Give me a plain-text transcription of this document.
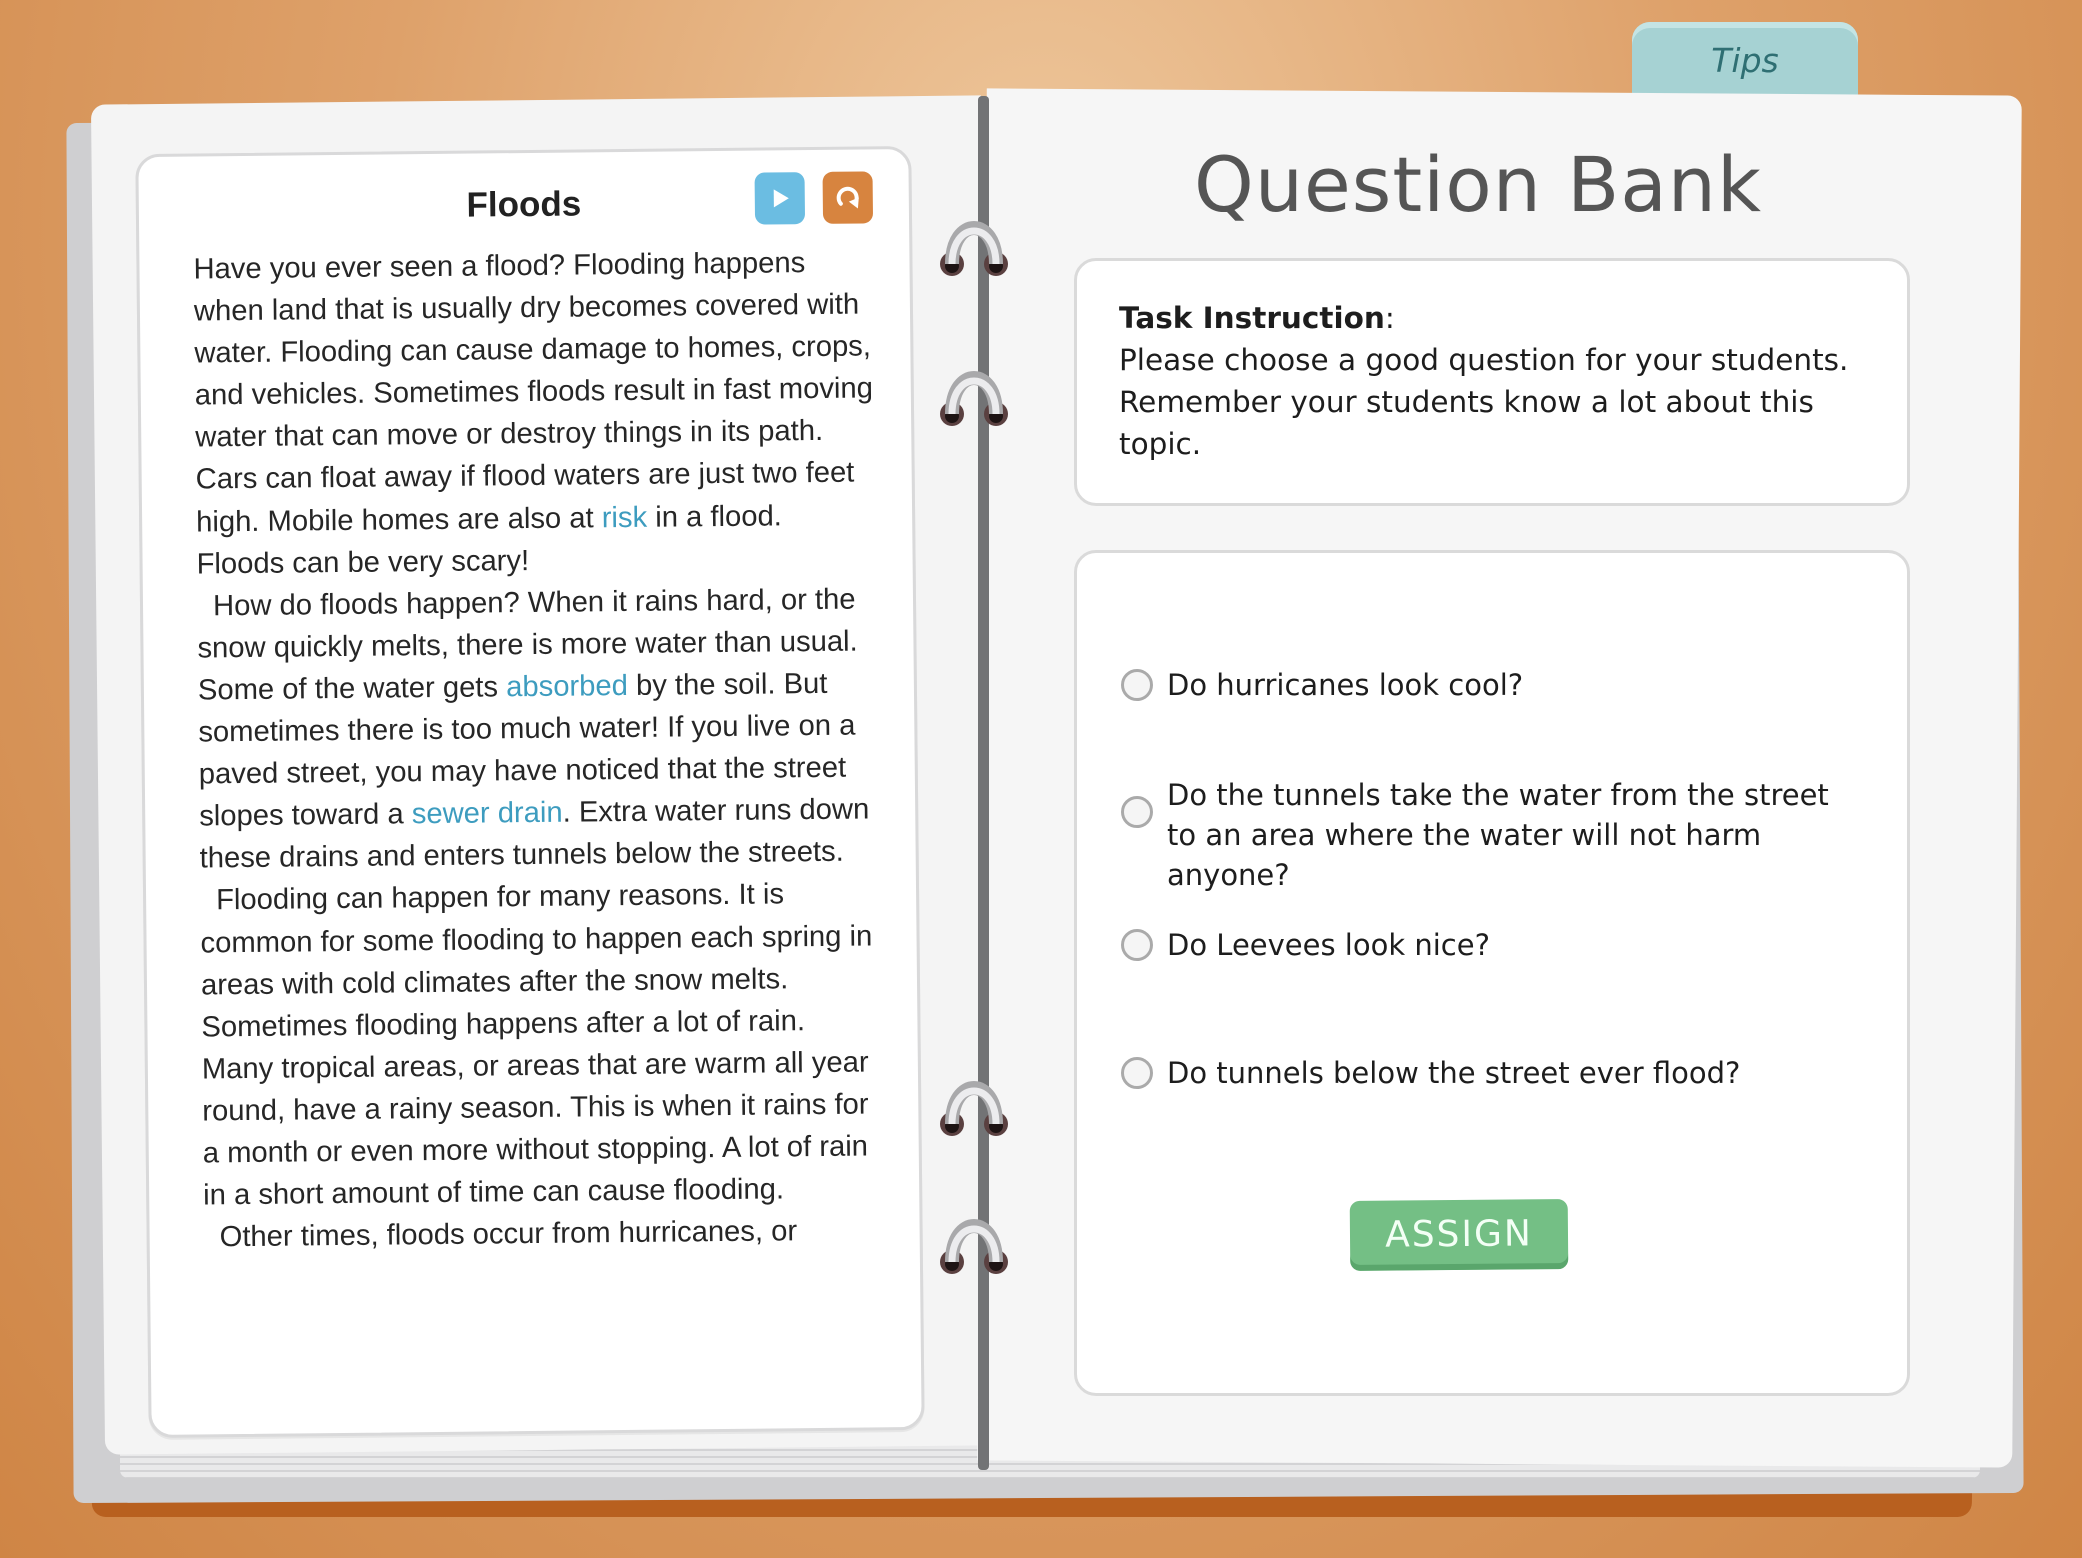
Tips
Floods

Have you ever seen a flood? Flooding happens when land that is usually dry becomes covered with water. Flooding can cause damage to homes, crops, and vehicles. Sometimes floods result in fast moving water that can move or destroy things in its path. Cars can float away if flood waters are just two feet high. Mobile homes are also at risk in a flood. Floods can be very scary!

How do floods happen? When it rains hard, or the snow quickly melts, there is more water than usual. Some of the water gets absorbed by the soil. But sometimes there is too much water! If you live on a paved street, you may have noticed that the street slopes toward a sewer drain. Extra water runs down these drains and enters tunnels below the streets.

Flooding can happen for many reasons. It is common for some flooding to happen each spring in areas with cold climates after the snow melts. Sometimes flooding happens after a lot of rain. Many tropical areas, or areas that are warm all year round, have a rainy season. This is when it rains for a month or even more without stopping. A lot of rain in a short amount of time can cause flooding.

Other times, floods occur from hurricanes, or

Question Bank
Task Instruction:
Please choose a good question for your students. Remember your students know a lot about this topic.
Do hurricanes look cool?
Do the tunnels take the water from the street to an area where the water will not harm anyone?
Do Leevees look nice?
Do tunnels below the street ever flood?
ASSIGN
